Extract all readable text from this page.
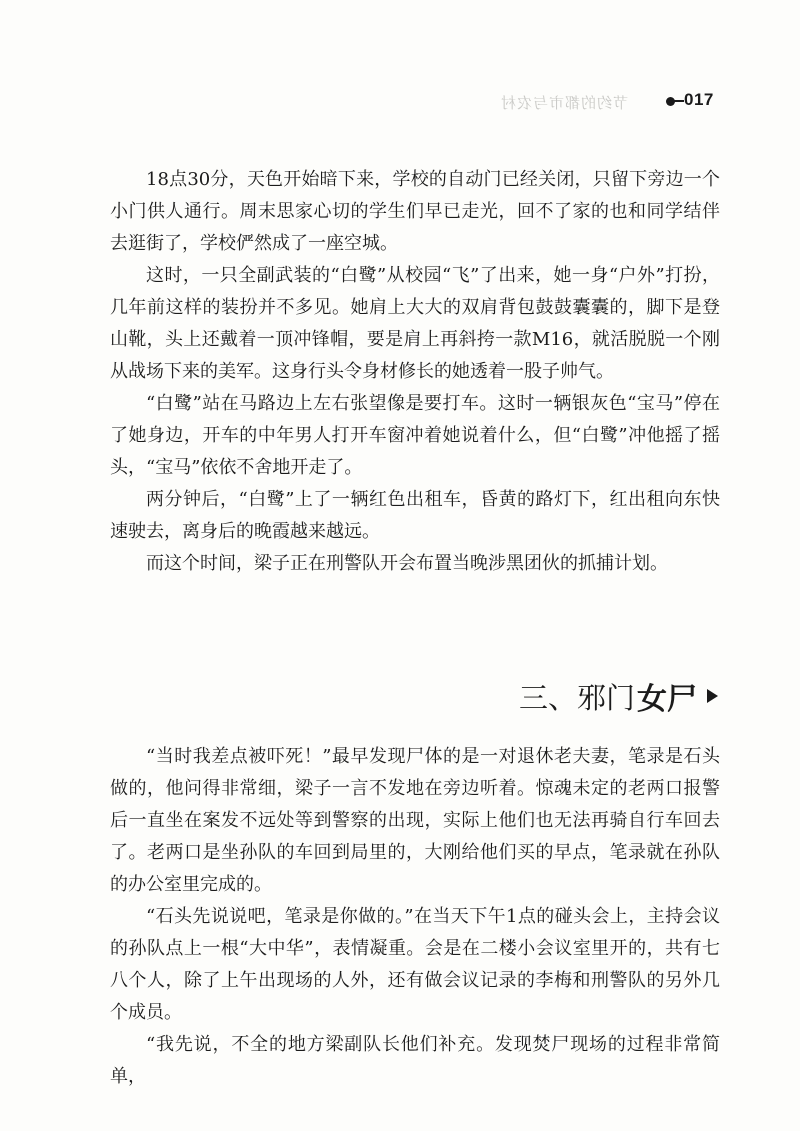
节约的都市与农村	017

18点30分，天色开始暗下来，学校的自动门已经关闭，只留下旁边一个小门供人通行。周末思家心切的学生们早已走光，回不了家的也和同学结伴去逛街了，学校俨然成了一座空城。

这时，一只全副武装的“白鹭”从校园“飞”了出来，她一身“户外”打扮，几年前这样的装扮并不多见。她肩上大大的双肩背包鼓鼓囊囊的，脚下是登山靴，头上还戴着一顶冲锋帽，要是肩上再斜挎一款M16，就活脱脱一个刚从战场下来的美军。这身行头令身材修长的她透着一股子帅气。

“白鹭”站在马路边上左右张望像是要打车。这时一辆银灰色“宝马”停在了她身边，开车的中年男人打开车窗冲着她说着什么，但“白鹭”冲他摇了摇头，“宝马”依依不舍地开走了。

两分钟后，“白鹭”上了一辆红色出租车，昏黄的路灯下，红出租向东快速驶去，离身后的晚霞越来越远。

而这个时间，梁子正在刑警队开会布置当晚涉黑团伙的抓捕计划。

三、邪门 女尸

“当时我差点被吓死！”最早发现尸体的是一对退休老夫妻，笔录是石头做的，他问得非常细，梁子一言不发地在旁边听着。惊魂未定的老两口报警后一直坐在案发不远处等到警察的出现，实际上他们也无法再骑自行车回去了。老两口是坐孙队的车回到局里的，大刚给他们买的早点，笔录就在孙队的办公室里完成的。

“石头先说说吧，笔录是你做的。”在当天下午1点的碰头会上，主持会议的孙队点上一根“大中华”，表情凝重。会是在二楼小会议室里开的，共有七八个人，除了上午出现场的人外，还有做会议记录的李梅和刑警队的另外几个成员。

“我先说，不全的地方梁副队长他们补充。发现焚尸现场的过程非常简单，
